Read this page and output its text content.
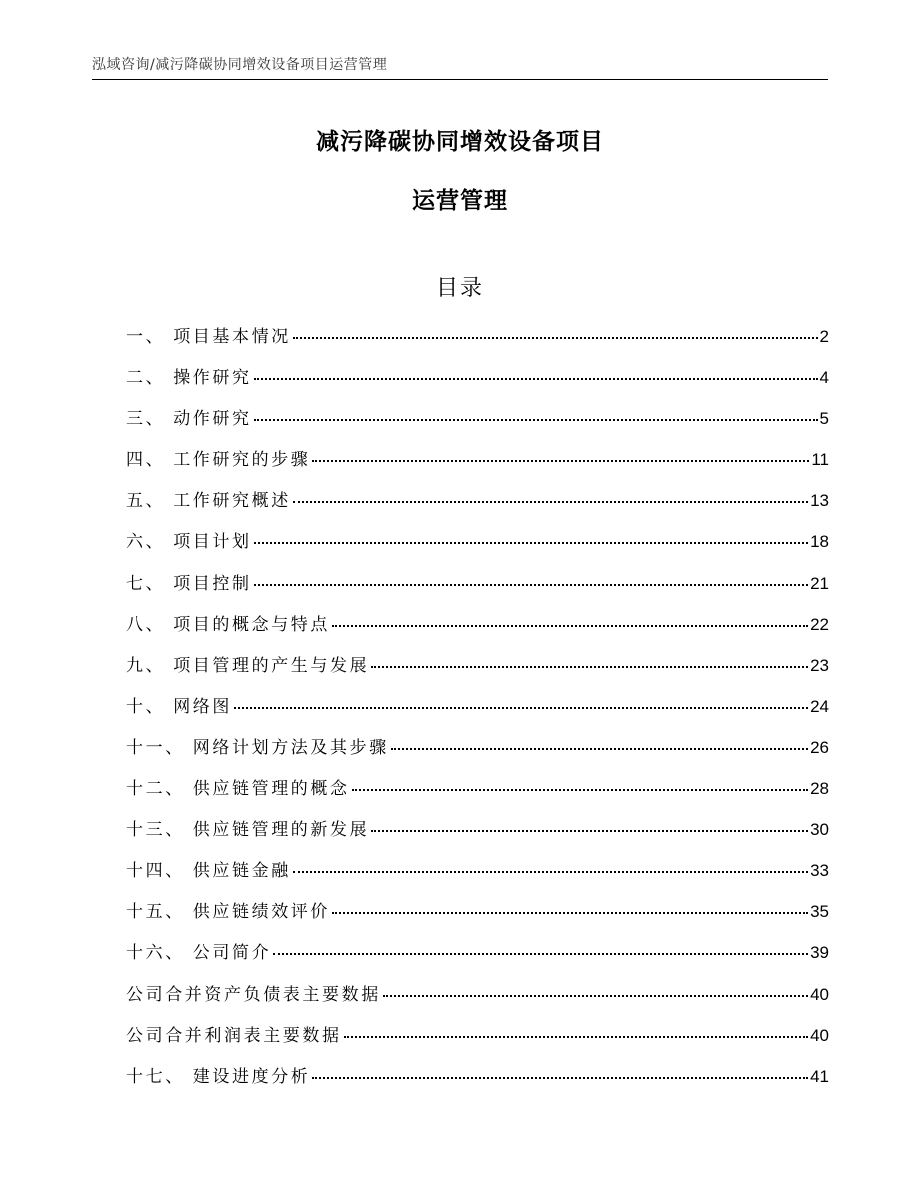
泓域咨询/减污降碳协同增效设备项目运营管理
减污降碳协同增效设备项目
运营管理
目录
一、 项目基本情况	2
二、 操作研究	4
三、 动作研究	5
四、 工作研究的步骤	11
五、 工作研究概述	13
六、 项目计划	18
七、 项目控制	21
八、 项目的概念与特点	22
九、 项目管理的产生与发展	23
十、 网络图	24
十一、 网络计划方法及其步骤	26
十二、 供应链管理的概念	28
十三、 供应链管理的新发展	30
十四、 供应链金融	33
十五、 供应链绩效评价	35
十六、 公司简介	39
公司合并资产负债表主要数据	40
公司合并利润表主要数据	40
十七、 建设进度分析	41
